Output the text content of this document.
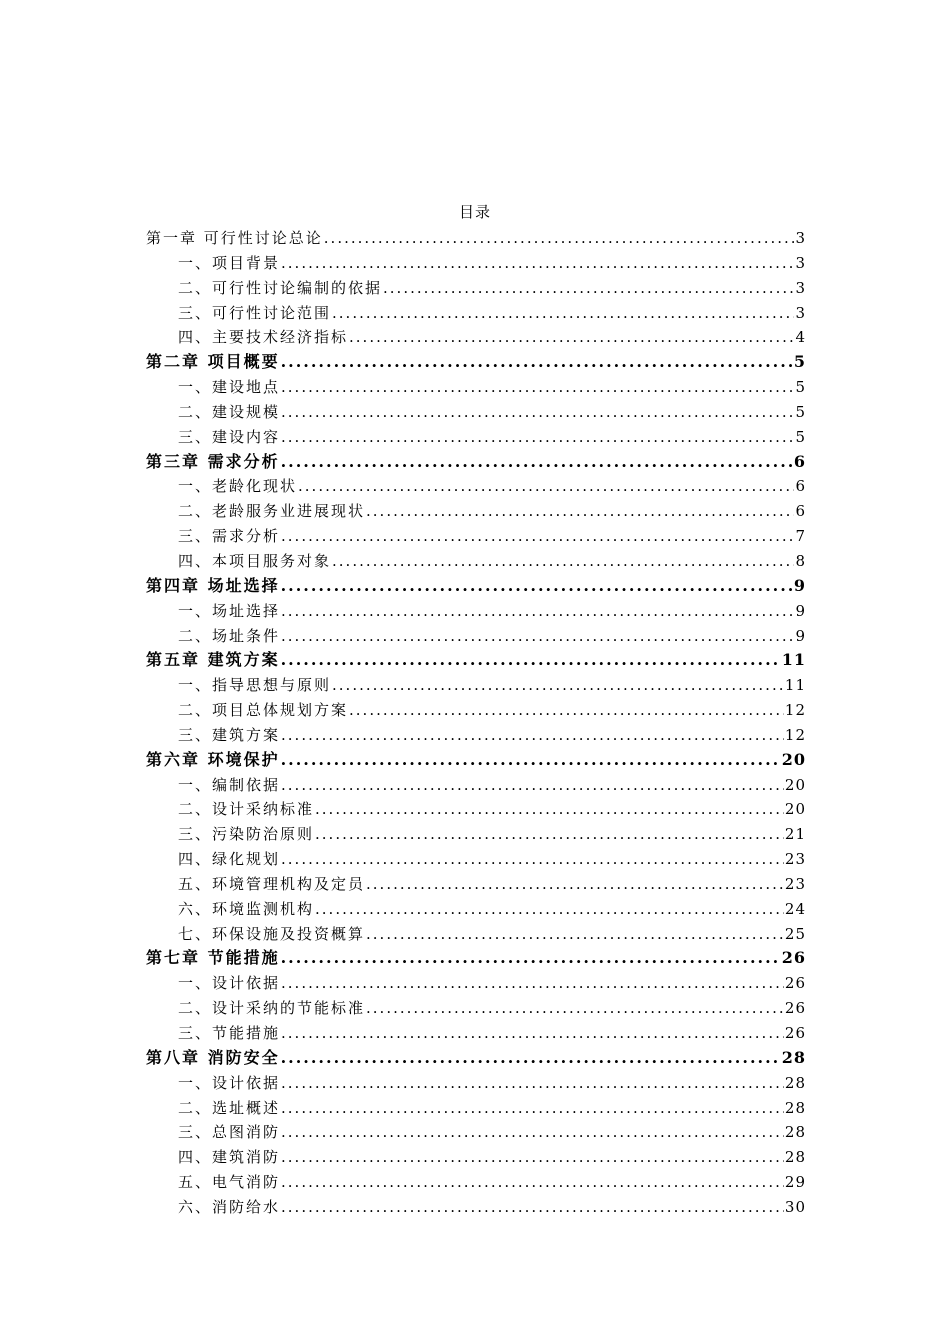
目录
第一章 可行性讨论总论 .....	3
一、项目背景 .....	3
二、可行性讨论编制的依据 .....	3
三、可行性讨论范围 .....	3
四、主要技术经济指标 .....	4
第二章 项目概要 .....	5
一、建设地点 .....	5
二、建设规模 .....	5
三、建设内容 .....	5
第三章 需求分析 .....	6
一、老龄化现状 .....	6
二、老龄服务业进展现状 .....	6
三、需求分析 .....	7
四、本项目服务对象 .....	8
第四章 场址选择 .....	9
一、场址选择 .....	9
二、场址条件 .....	9
第五章 建筑方案 .....	11
一、指导思想与原则 .....	11
二、项目总体规划方案 .....	12
三、建筑方案 .....	12
第六章 环境保护 .....	20
一、编制依据 .....	20
二、设计采纳标准 .....	20
三、污染防治原则 .....	21
四、绿化规划 .....	23
五、环境管理机构及定员 .....	23
六、环境监测机构 .....	24
七、环保设施及投资概算 .....	25
第七章 节能措施 .....	26
一、设计依据 .....	26
二、设计采纳的节能标准 .....	26
三、节能措施 .....	26
第八章 消防安全 .....	28
一、设计依据 .....	28
二、选址概述 .....	28
三、总图消防 .....	28
四、建筑消防 .....	28
五、电气消防 .....	29
六、消防给水 .....	30
